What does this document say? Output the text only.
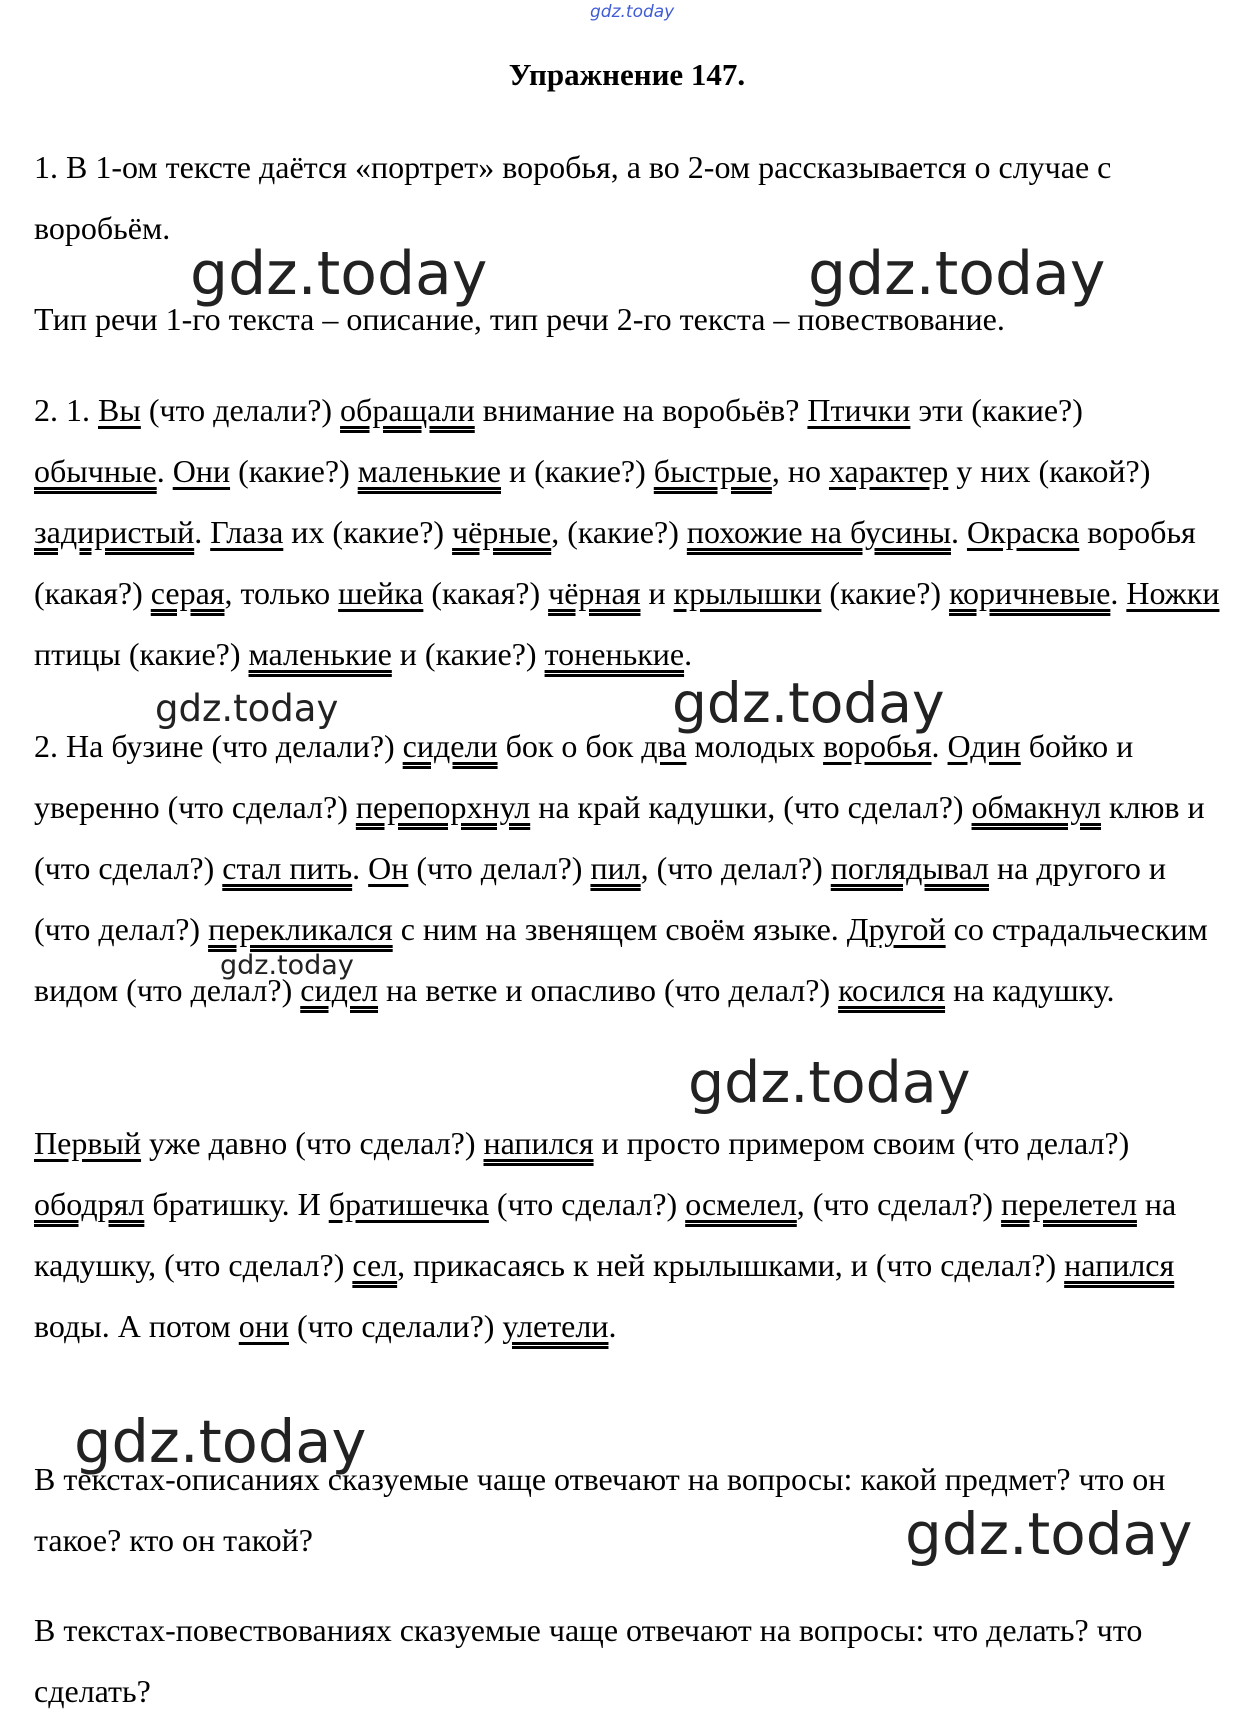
gdz.today
gdz.today	gdz.today
gdz.today	gdz.today
gdz.today
gdz.today
gdz.today
gdz.today
Упражнение 147.

1. В 1-ом тексте даётся «портрет» воробья, а во 2-ом рассказывается о случае с воробьём.

Тип речи 1-го текста – описание, тип речи 2-го текста – повествование.

2. 1. Вы (что делали?) обращали внимание на воробьёв? Птички эти (какие?) обычные. Они (какие?) маленькие и (какие?) быстрые, но характер у них (какой?) задиристый. Глаза их (какие?) чёрные, (какие?) похожие на бусины. Окраска воробья (какая?) серая, только шейка (какая?) чёрная и крылышки (какие?) коричневые. Ножки птицы (какие?) маленькие и (какие?) тоненькие.

2. На бузине (что делали?) сидели бок о бок два молодых воробья. Один бойко и уверенно (что сделал?) перепорхнул на край кадушки, (что сделал?) обмакнул клюв и (что сделал?) стал пить. Он (что делал?) пил, (что делал?) поглядывал на другого и (что делал?) перекликался с ним на звенящем своём языке. Другой со страдальческим видом (что делал?) сидел на ветке и опасливо (что делал?) косился на кадушку.

Первый уже давно (что сделал?) напился и просто примером своим (что делал?) ободрял братишку. И братишечка (что сделал?) осмелел, (что сделал?) перелетел на кадушку, (что сделал?) сел, прикасаясь к ней крылышками, и (что сделал?) напился воды. А потом они (что сделали?) улетели.

В текстах-описаниях сказуемые чаще отвечают на вопросы: какой предмет? что он такое? кто он такой?

В текстах-повествованиях сказуемые чаще отвечают на вопросы: что делать? что сделать?
